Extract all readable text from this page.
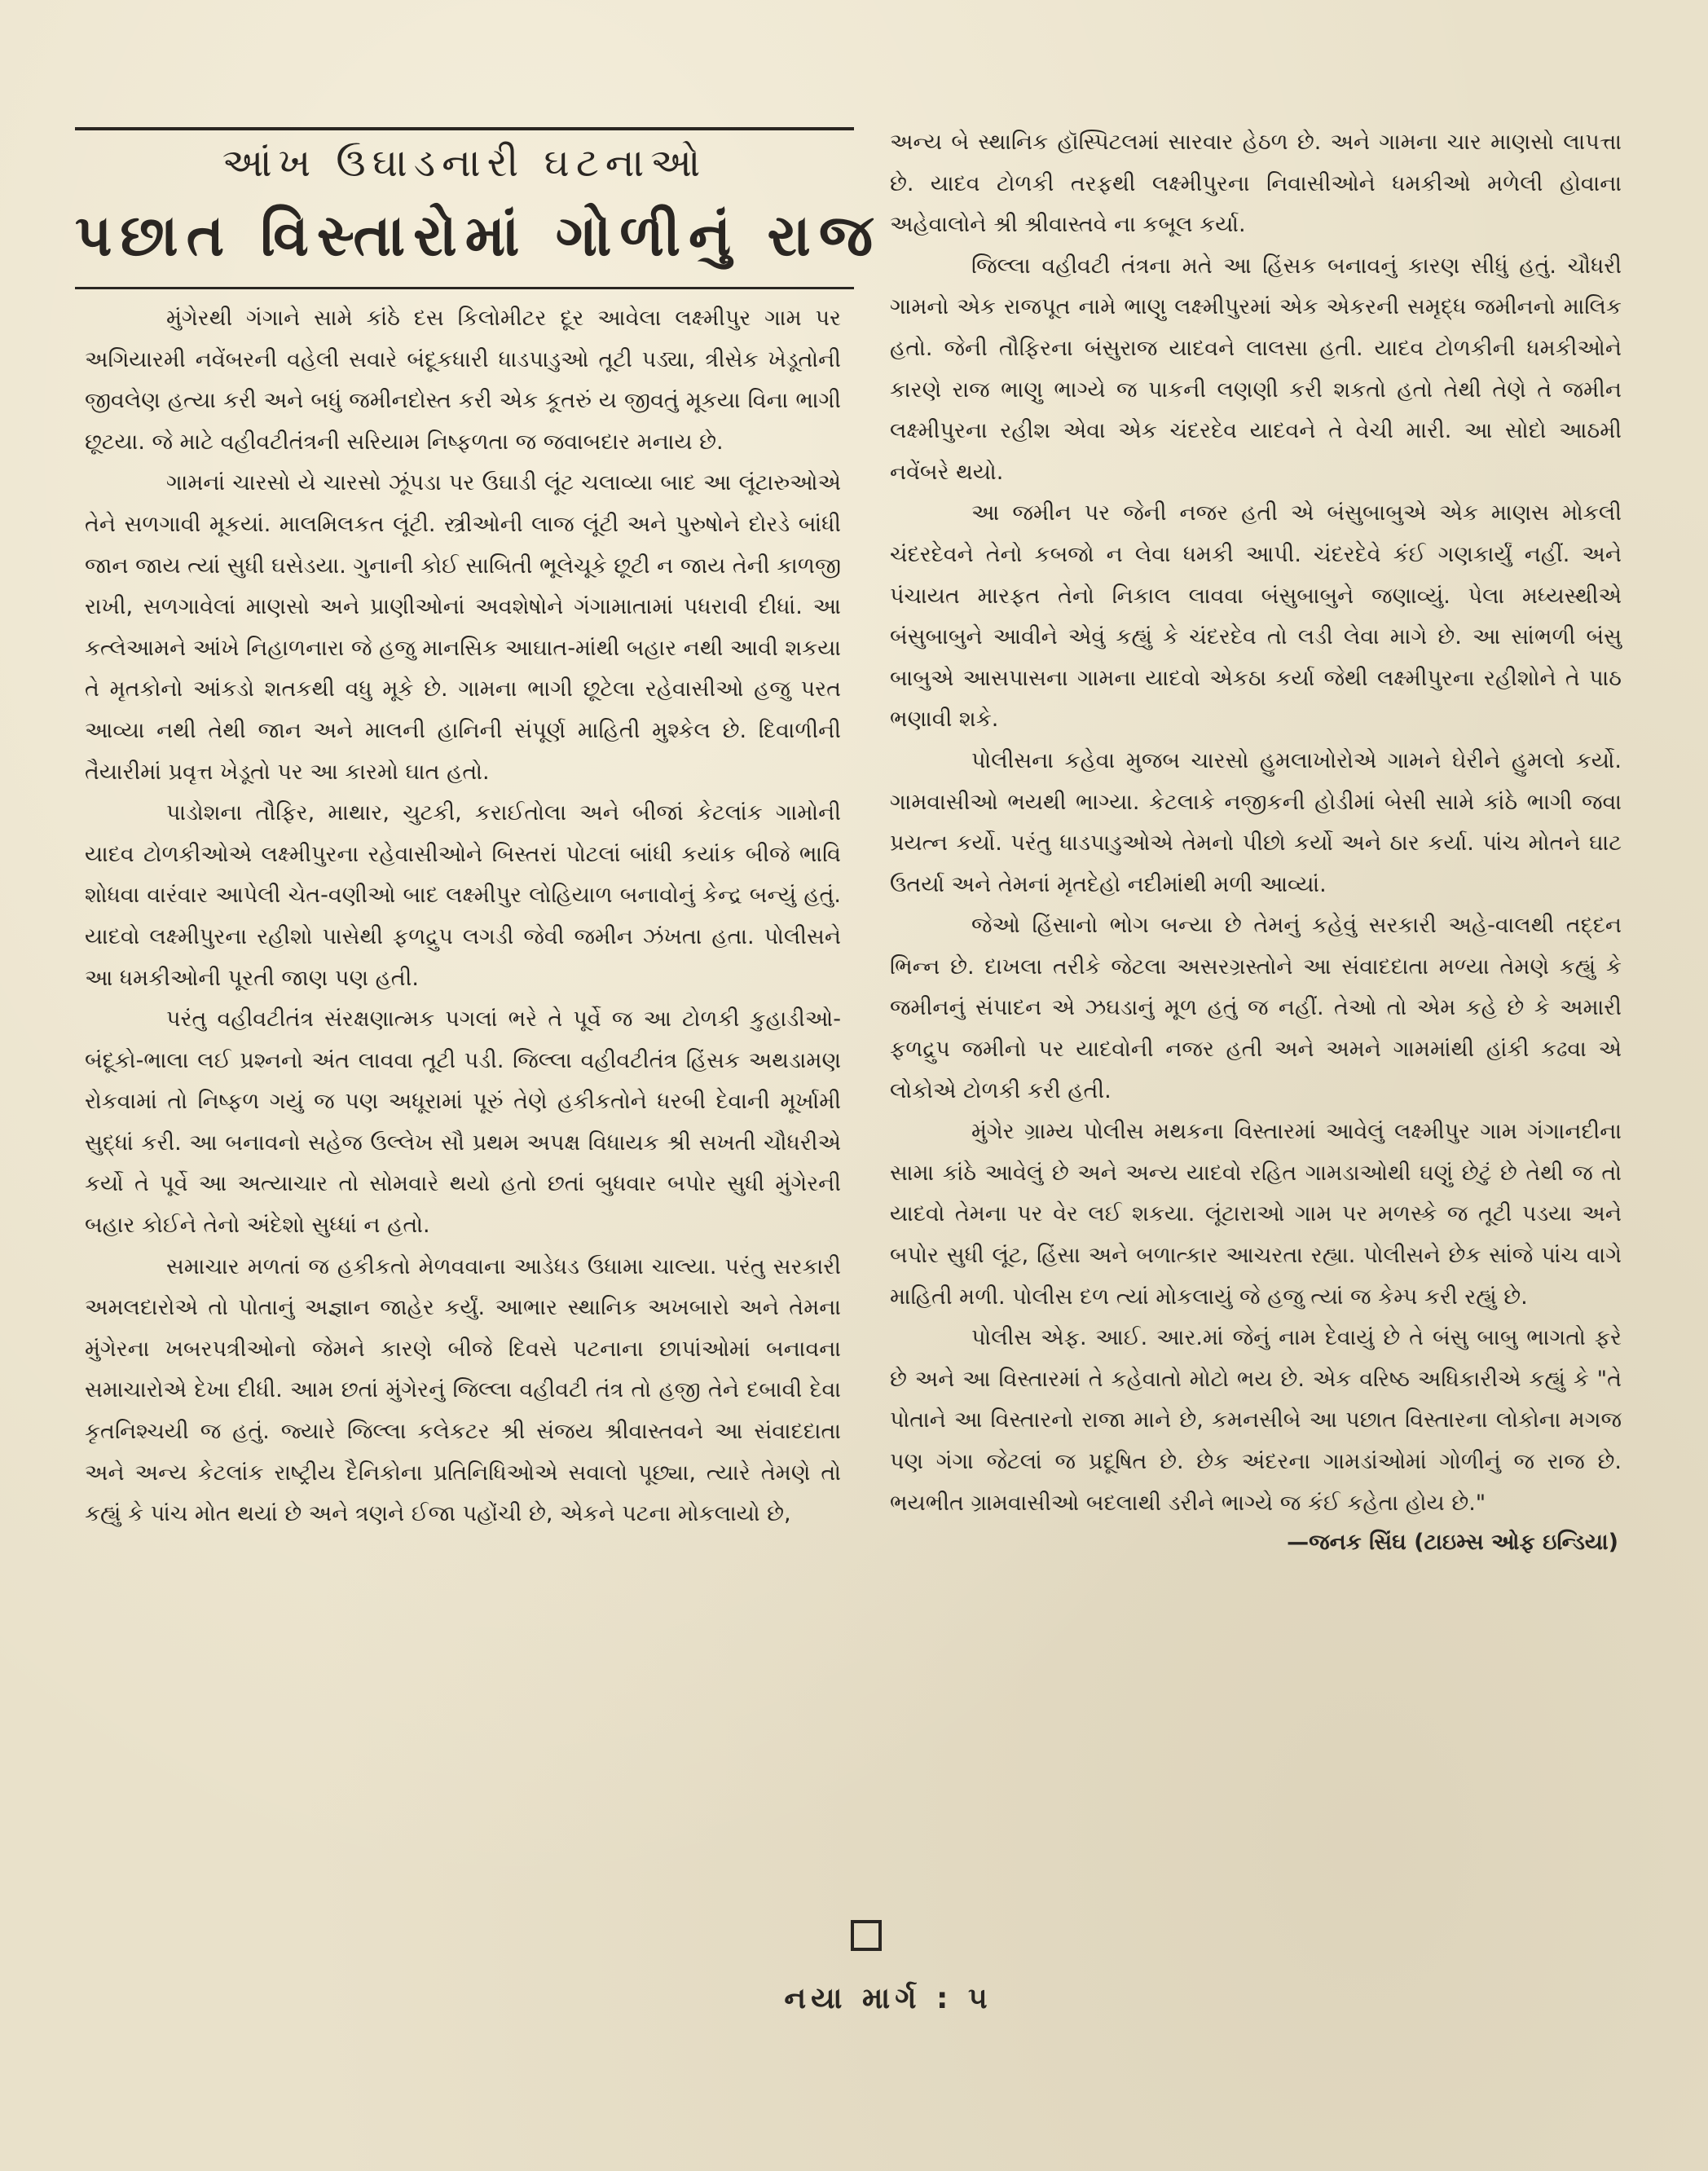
આંખ ઉઘાડનારી ઘટનાઓ
પછાત વિસ્તારોમાં ગોળીનું રાજ

મુંગેરથી ગંગાને સામે કાંઠે દસ કિલોમીટર દૂર આવેલા લક્ષ્મીપુર ગામ પર અગિયારમી નવેંબરની વહેલી સવારે બંદૂકધારી ધાડપાડુઓ તૂટી પડ્યા, ત્રીસેક ખેડૂતોની જીવલેણ હત્યા કરી અને બધું જમીનદોસ્ત કરી એક કૂતરું ય જીવતું મૂકયા વિના ભાગી છૂટયા. જે માટે વહીવટીતંત્રની સરિયામ નિષ્ફળતા જ જવાબદાર મનાય છે.

ગામનાં ચારસો યે ચારસો ઝૂંપડા પર ઉઘાડી લૂંટ ચલાવ્યા બાદ આ લૂંટારુઓએ તેને સળગાવી મૂકયાં. માલમિલકત લૂંટી. સ્ત્રીઓની લાજ લૂંટી અને પુરુષોને દોરડે બાંધી જાન જાય ત્યાં સુધી ઘસેડયા. ગુનાની કોઈ સાબિતી ભૂલેચૂકે છૂટી ન જાય તેની કાળજી રાખી, સળગાવેલાં માણસો અને પ્રાણીઓનાં અવશેષોને ગંગામાતામાં પધરાવી દીધાં. આ કત્લેઆમને આંખે નિહાળનારા જે હજુ માનસિક આઘાત-માંથી બહાર નથી આવી શકયા તે મૃતકોનો આંકડો શતકથી વધુ મૂકે છે. ગામના ભાગી છૂટેલા રહેવાસીઓ હજુ પરત આવ્યા નથી તેથી જાન અને માલની હાનિની સંપૂર્ણ માહિતી મુશ્કેલ છે. દિવાળીની તૈયારીમાં પ્રવૃત્ત ખેડૂતો પર આ કારમો ઘાત હતો.

પાડોશના તૌફિર, માથાર, ચુટકી, કરાઈતોલા અને બીજાં કેટલાંક ગામોની યાદવ ટોળકીઓએ લક્ષ્મીપુરના રહેવાસીઓને બિસ્તરાં પોટલાં બાંધી કયાંક બીજે ભાવિ શોધવા વારંવાર આપેલી ચેત-વણીઓ બાદ લક્ષ્મીપુર લોહિયાળ બનાવોનું કેન્દ્ર બન્યું હતું. યાદવો લક્ષ્મીપુરના રહીશો પાસેથી ફળદ્રુપ લગડી જેવી જમીન ઝંખતા હતા. પોલીસને આ ધમકીઓની પૂરતી જાણ પણ હતી.

પરંતુ વહીવટીતંત્ર સંરક્ષણાત્મક પગલાં ભરે તે પૂર્વે જ આ ટોળકી કુહાડીઓ-બંદૂકો-ભાલા લઈ પ્રશ્નનો અંત લાવવા તૂટી પડી. જિલ્લા વહીવટીતંત્ર હિંસક અથડામણ રોકવામાં તો નિષ્ફળ ગયું જ પણ અધૂરામાં પૂરું તેણે હકીકતોને ધરબી દેવાની મૂર્ખામી સુદ્ધાં કરી. આ બનાવનો સહેજ ઉલ્લેખ સૌ પ્રથમ અપક્ષ વિધાયક શ્રી સખતી ચૌધરીએ કર્યો તે પૂર્વે આ અત્યાચાર તો સોમવારે થયો હતો છતાં બુધવાર બપોર સુધી મુંગેરની બહાર કોઈને તેનો અંદેશો સુધ્ધાં ન હતો.

સમાચાર મળતાં જ હકીકતો મેળવવાના આડેધડ ઉધામા ચાલ્યા. પરંતુ સરકારી અમલદારોએ તો પોતાનું અજ્ઞાન જાહેર કર્યું. આભાર સ્થાનિક અખબારો અને તેમના મુંગેરના ખબરપત્રીઓનો જેમને કારણે બીજે દિવસે પટનાના છાપાંઓમાં બનાવના સમાચારોએ દેખા દીધી. આમ છતાં મુંગેરનું જિલ્લા વહીવટી તંત્ર તો હજી તેને દબાવી દેવા કૃતનિશ્ચયી જ હતું. જ્યારે જિલ્લા કલેકટર શ્રી સંજય શ્રીવાસ્તવને આ સંવાદદાતા અને અન્ય કેટલાંક રાષ્ટ્રીય દૈનિકોના પ્રતિનિધિઓએ સવાલો પૂછ્યા, ત્યારે તેમણે તો કહ્યું કે પાંચ મોત થયાં છે અને ત્રણને ઈજા પહોંચી છે, એકને પટના મોકલાયો છે,

અન્ય બે સ્થાનિક હૉસ્પિટલમાં સારવાર હેઠળ છે. અને ગામના ચાર માણસો લાપત્તા છે. યાદવ ટોળકી તરફથી લક્ષ્મીપુરના નિવાસીઓને ધમકીઓ મળેલી હોવાના અહેવાલોને શ્રી શ્રીવાસ્તવે ના કબૂલ કર્યા.

જિલ્લા વહીવટી તંત્રના મતે આ હિંસક બનાવનું કારણ સીધું હતું. ચૌધરી ગામનો એક રાજપૂત નામે ભાણુ લક્ષ્મીપુરમાં એક એકરની સમૃદ્ધ જમીનનો માલિક હતો. જેની તૌફિરના બંસુરાજ યાદવને લાલસા હતી. યાદવ ટોળકીની ધમકીઓને કારણે રાજ ભાણુ ભાગ્યે જ પાકની લણણી કરી શકતો હતો તેથી તેણે તે જમીન લક્ષ્મીપુરના રહીશ એવા એક ચંદરદેવ યાદવને તે વેચી મારી. આ સોદો આઠમી નવેંબરે થયો.

આ જમીન પર જેની નજર હતી એ બંસુબાબુએ એક માણસ મોકલી ચંદરદેવને તેનો કબજો ન લેવા ધમકી આપી. ચંદરદેવે કંઈ ગણકાર્યું નહીં. અને પંચાયત મારફત તેનો નિકાલ લાવવા બંસુબાબુને જણાવ્યું. પેલા મધ્યસ્થીએ બંસુબાબુને આવીને એવું કહ્યું કે ચંદરદેવ તો લડી લેવા માગે છે. આ સાંભળી બંસુ બાબુએ આસપાસના ગામના યાદવો એકઠા કર્યા જેથી લક્ષ્મીપુરના રહીશોને તે પાઠ ભણાવી શકે.

પોલીસના કહેવા મુજબ ચારસો હુમલાખોરોએ ગામને ઘેરીને હુમલો કર્યો. ગામવાસીઓ ભયથી ભાગ્યા. કેટલાકે નજીકની હોડીમાં બેસી સામે કાંઠે ભાગી જવા પ્રયત્ન કર્યો. પરંતુ ધાડપાડુઓએ તેમનો પીછો કર્યો અને ઠાર કર્યા. પાંચ મોતને ઘાટ ઉતર્યા અને તેમનાં મૃતદેહો નદીમાંથી મળી આવ્યાં.

જેઓ હિંસાનો ભોગ બન્યા છે તેમનું કહેવું સરકારી અહે-વાલથી તદ્દન ભિન્ન છે. દાખલા તરીકે જેટલા અસરગ્રસ્તોને આ સંવાદદાતા મળ્યા તેમણે કહ્યું કે જમીનનું સંપાદન એ ઝઘડાનું મૂળ હતું જ નહીં. તેઓ તો એમ કહે છે કે અમારી ફળદ્રુપ જમીનો પર યાદવોની નજર હતી અને અમને ગામમાંથી હાંકી કઢવા એ લોકોએ ટોળકી કરી હતી.

મુંગેર ગ્રામ્ય પોલીસ મથકના વિસ્તારમાં આવેલું લક્ષ્મીપુર ગામ ગંગાનદીના સામા કાંઠે આવેલું છે અને અન્ય યાદવો રહિત ગામડાઓથી ઘણું છેટું છે તેથી જ તો યાદવો તેમના પર વેર લઈ શકયા. લૂંટારાઓ ગામ પર મળસ્કે જ તૂટી પડયા અને બપોર સુધી લૂંટ, હિંસા અને બળાત્કાર આચરતા રહ્યા. પોલીસને છેક સાંજે પાંચ વાગે માહિતી મળી. પોલીસ દળ ત્યાં મોકલાયું જે હજુ ત્યાં જ કેમ્પ કરી રહ્યું છે.

પોલીસ એફ. આઈ. આર.માં જેનું નામ દેવાયું છે તે બંસુ બાબુ ભાગતો ફરે છે અને આ વિસ્તારમાં તે કહેવાતો મોટો ભય છે. એક વરિષ્ઠ અધિકારીએ કહ્યું કે "તે પોતાને આ વિસ્તારનો રાજા માને છે, કમનસીબે આ પછાત વિસ્તારના લોકોના મગજ પણ ગંગા જેટલાં જ પ્રદૂષિત છે. છેક અંદરના ગામડાંઓમાં ગોળીનું જ રાજ છે. ભયભીત ગ્રામવાસીઓ બદલાથી ડરીને ભાગ્યે જ કંઈ કહેતા હોય છે."

—જનક સિંઘ (ટાઇમ્સ ઓફ ઇન્ડિયા)
નયા માર્ગ : ૫
